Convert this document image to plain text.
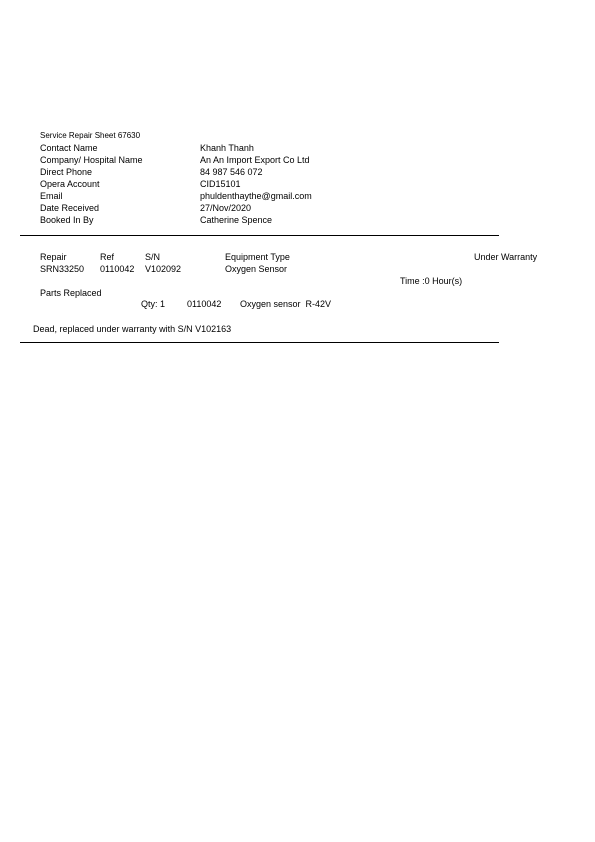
Service Repair Sheet 67630
Contact Name	Khanh Thanh
Company/ Hospital Name	An An Import Export Co Ltd
Direct Phone	84 987 546 072
Opera Account	CID15101
Email	phuldenthaythe@gmail.com
Date Received	27/Nov/2020
Booked In By	Catherine Spence
Repair	Ref	S/N	Equipment Type	Under Warranty
SRN33250 0110042 V102092	Oxygen Sensor
Time :0 Hour(s)
Parts Replaced
Qty: 1 0110042 Oxygen sensor  R-42V
Dead, replaced under warranty with S/N V102163
